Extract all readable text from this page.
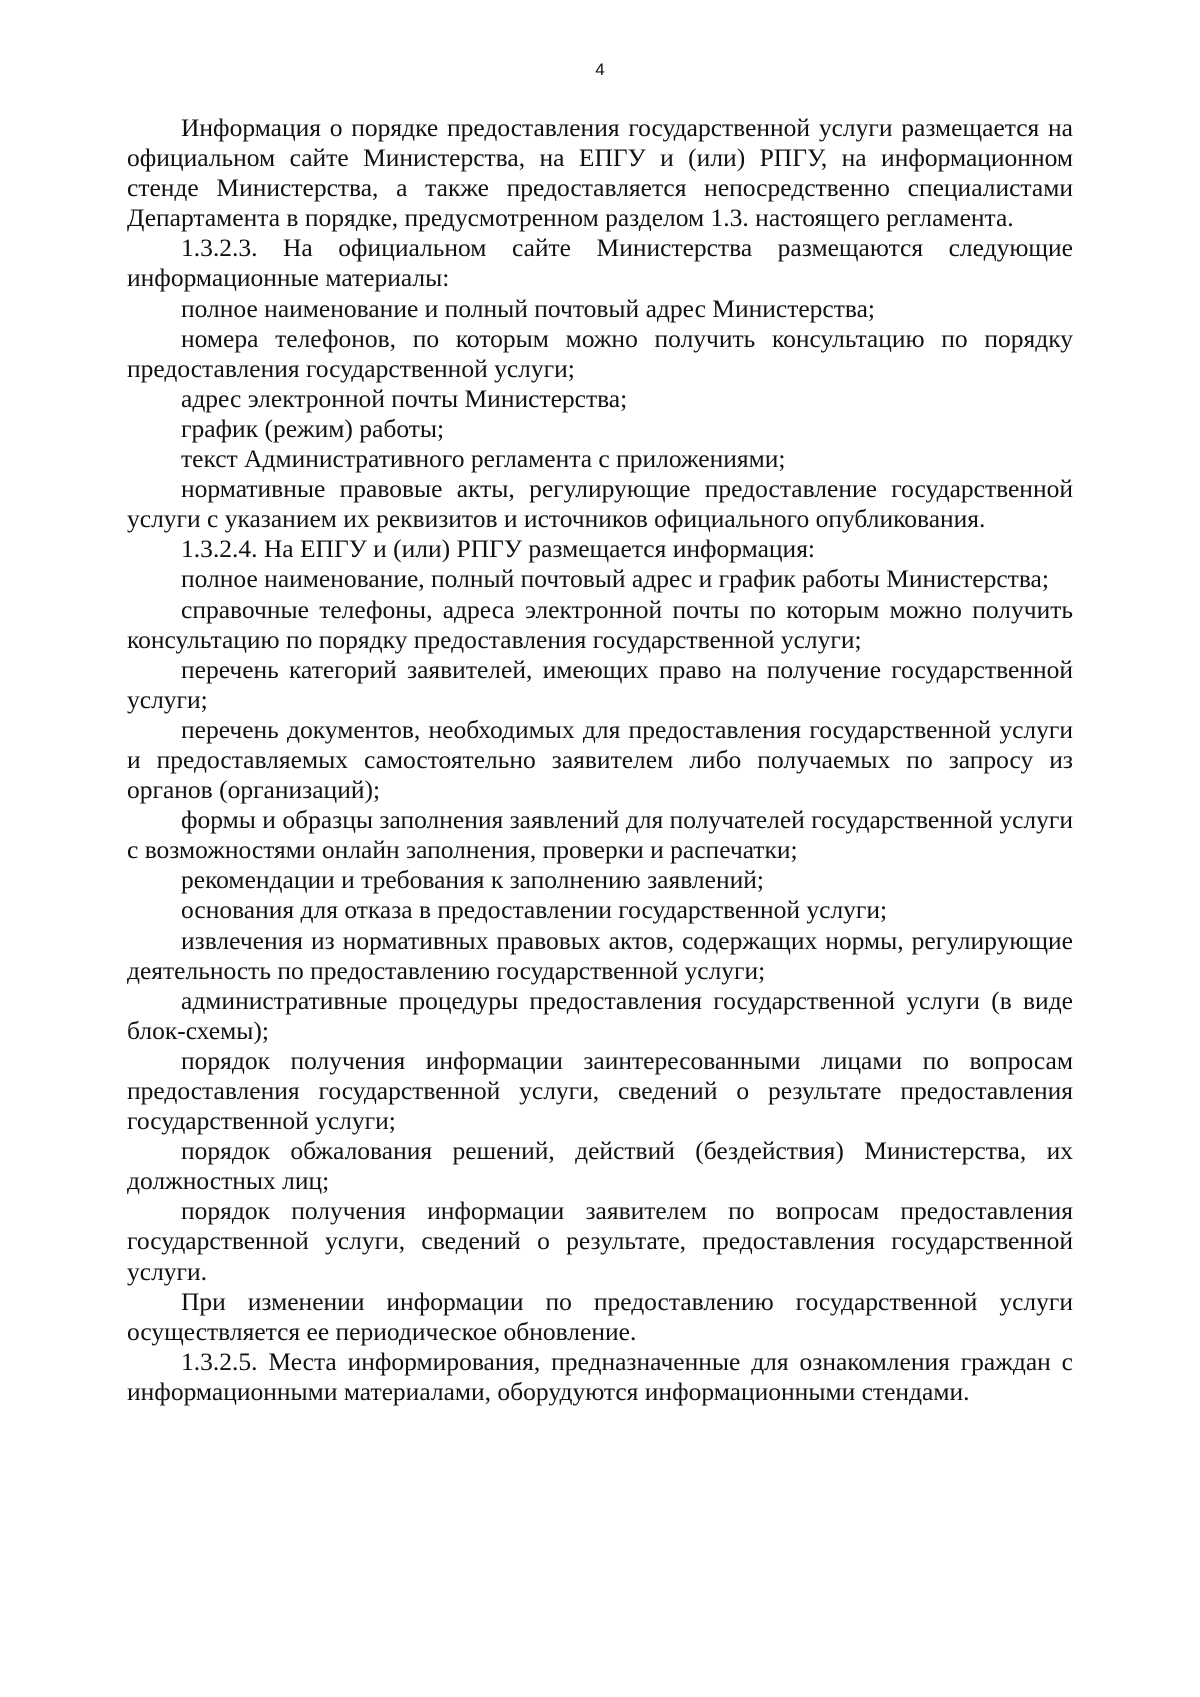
4

Информация о порядке предоставления государственной услуги размещается на официальном сайте Министерства, на ЕПГУ и (или) РПГУ, на информационном стенде Министерства, а также предоставляется непосредственно специалистами Департамента в порядке, предусмотренном разделом 1.3. настоящего регламента.

1.3.2.3. На официальном сайте Министерства размещаются следующие информационные материалы:

полное наименование и полный почтовый адрес Министерства;

номера телефонов, по которым можно получить консультацию по порядку предоставления государственной услуги;

адрес электронной почты Министерства;

график (режим) работы;

текст Административного регламента с приложениями;

нормативные правовые акты, регулирующие предоставление государственной услуги с указанием их реквизитов и источников официального опубликования.

1.3.2.4. На ЕПГУ и (или) РПГУ размещается информация:

полное наименование, полный почтовый адрес и график работы Министерства;

справочные телефоны, адреса электронной почты по которым можно получить консультацию по порядку предоставления государственной услуги;

перечень категорий заявителей, имеющих право на получение государственной услуги;

перечень документов, необходимых для предоставления государственной услуги и предоставляемых самостоятельно заявителем либо получаемых по запросу из органов (организаций);

формы и образцы заполнения заявлений для получателей государственной услуги с возможностями онлайн заполнения, проверки и распечатки;

рекомендации и требования к заполнению заявлений;

основания для отказа в предоставлении государственной услуги;

извлечения из нормативных правовых актов, содержащих нормы, регулирующие деятельность по предоставлению государственной услуги;

административные процедуры предоставления государственной услуги (в виде блок-схемы);

порядок получения информации заинтересованными лицами по вопросам предоставления государственной услуги, сведений о результате предоставления государственной услуги;

порядок обжалования решений, действий (бездействия) Министерства, их должностных лиц;

порядок получения информации заявителем по вопросам предоставления государственной услуги, сведений о результате, предоставления государственной услуги.

При изменении информации по предоставлению государственной услуги осуществляется ее периодическое обновление.

1.3.2.5. Места информирования, предназначенные для ознакомления граждан с информационными материалами, оборудуются информационными стендами.
